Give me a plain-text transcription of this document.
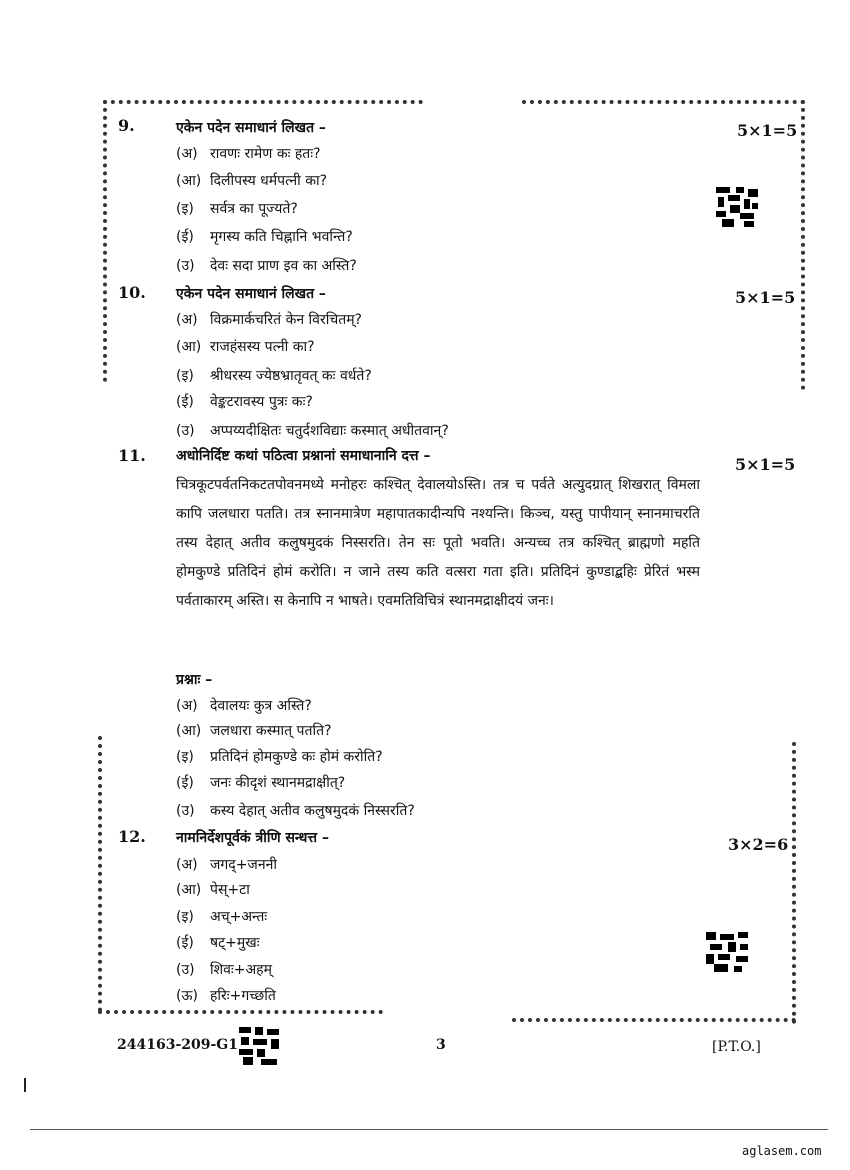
9.	एकेन पदेन समाधानं लिखत –	5×1=5
(अ) रावणः रामेण कः हतः?
(आ) दिलीपस्य धर्मपत्नी का?
(इ) सर्वत्र का पूज्यते?
(ई) मृगस्य कति चिह्नानि भवन्ति?
(उ) देवः सदा प्राण इव का अस्ति?
10. एकेन पदेन समाधानं लिखत –	5×1=5
(अ) विक्रमार्कचरितं केन विरचितम्?
(आ) राजहंसस्य पत्नी का?
(इ) श्रीधरस्य ज्येष्ठभ्रातृवत् कः वर्धते?
(ई) वेङ्कटरावस्य पुत्रः कः?
(उ) अप्पय्यदीक्षितः चतुर्दशविद्याः कस्मात् अधीतवान्?
11. अधोनिर्दिष्ट कथां पठित्वा प्रश्नानां समाधानानि दत्त –	5×1=5
चित्रकूटपर्वतनिकटतपोवनमध्ये मनोहरः कश्चित् देवालयोऽस्ति। तत्र च पर्वते अत्युदग्रात् शिखरात् विमला कापि जलधारा पतति। तत्र स्नानमात्रेण महापातकादीन्यपि नश्यन्ति। किञ्च, यस्तु पापीयान् स्नानमाचरति तस्य देहात् अतीव कलुषमुदकं निस्सरति। तेन सः पूतो भवति। अन्यच्च तत्र कश्चित् ब्राह्मणो महति होमकुण्डे प्रतिदिनं होमं करोति। न जाने तस्य कति वत्सरा गता इति। प्रतिदिनं कुण्डाद्बहिः प्रेरितं भस्म पर्वताकारम् अस्ति। स केनापि न भाषते। एवमतिविचित्रं स्थानमद्राक्षीदयं जनः।
प्रश्नाः –
(अ) देवालयः कुत्र अस्ति?
(आ) जलधारा कस्मात् पतति?
(इ) प्रतिदिनं होमकुण्डे कः होमं करोति?
(ई) जनः कीदृशं स्थानमद्राक्षीत्?
(उ) कस्य देहात् अतीव कलुषमुदकं निस्सरति?
12. नामनिर्देशपूर्वकं त्रीणि सन्धत्त –	3×2=6
(अ) जगद्+जननी
(आ) पेस्+टा
(इ) अच्+अन्तः
(ई) षट्+मुखः
(उ) शिवः+अहम्
(ऊ) हरिः+गच्छति
244163-209-G1	3	[P.T.O.]
aglasem.com
